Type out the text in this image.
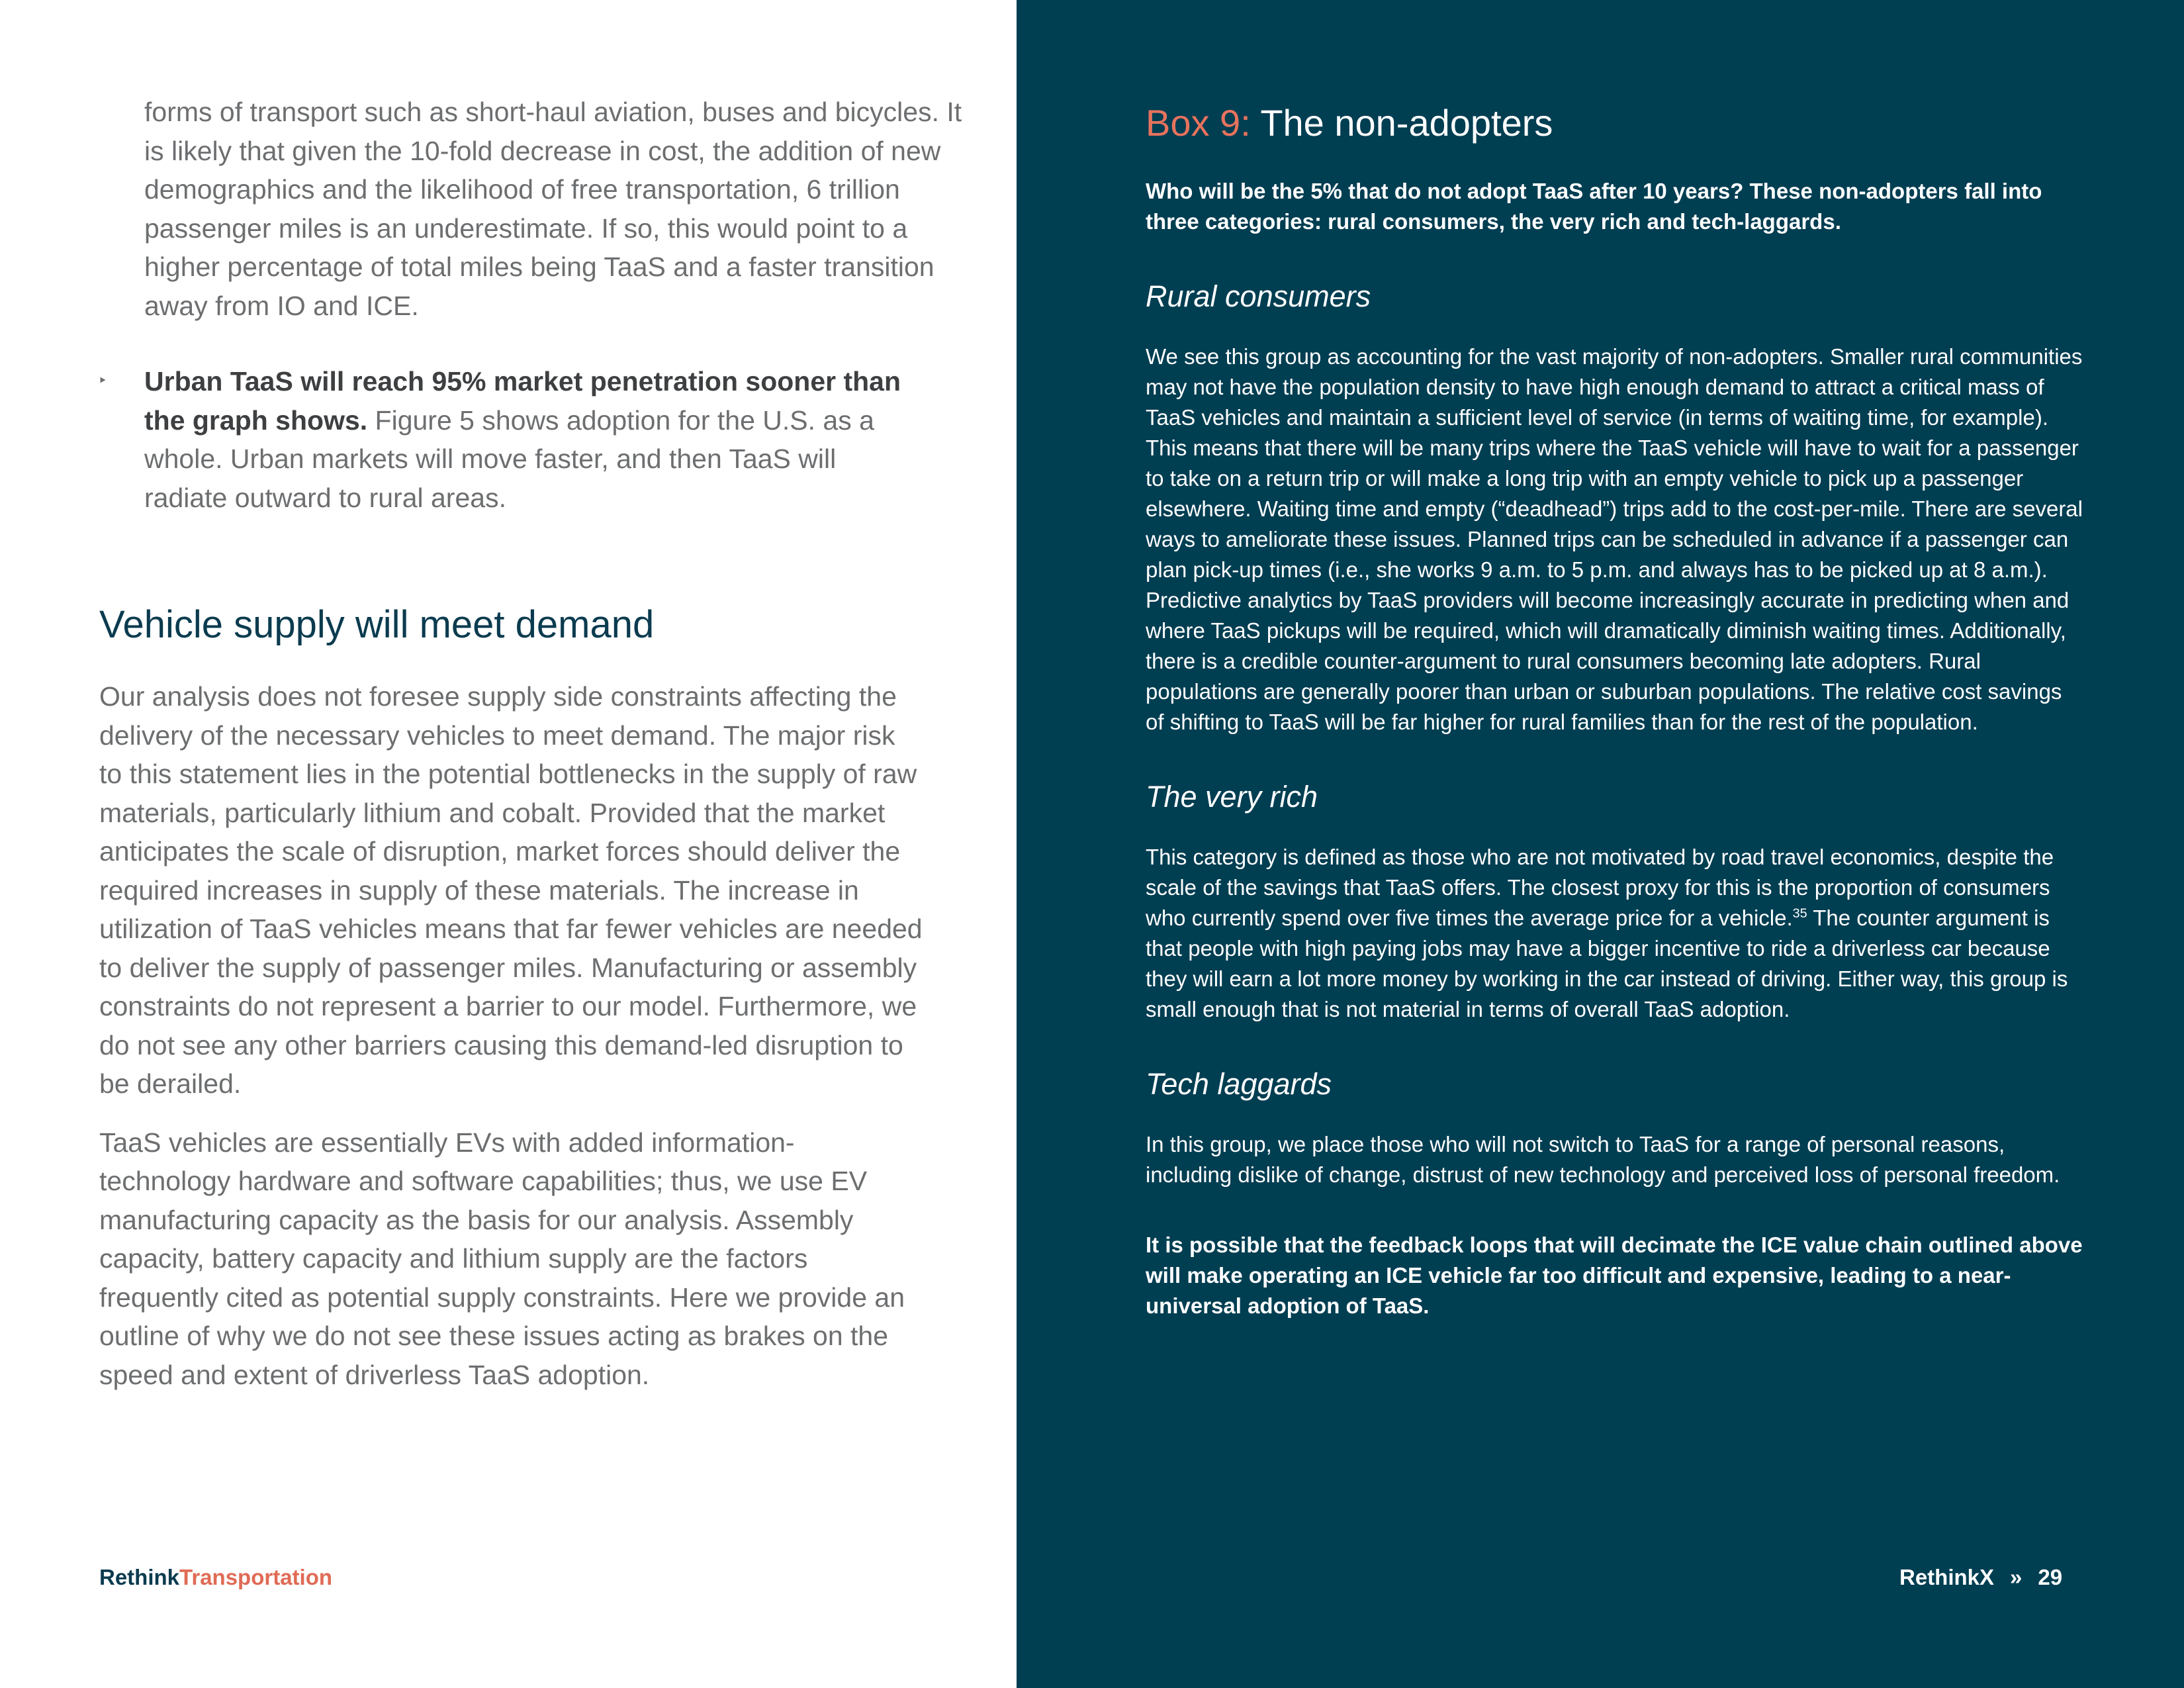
forms of transport such as short-haul aviation, buses and bicycles. It is likely that given the 10-fold decrease in cost, the addition of new demographics and the likelihood of free transportation, 6 trillion passenger miles is an underestimate. If so, this would point to a higher percentage of total miles being TaaS and a faster transition away from IO and ICE.

‣ Urban TaaS will reach 95% market penetration sooner than the graph shows. Figure 5 shows adoption for the U.S. as a whole. Urban markets will move faster, and then TaaS will radiate outward to rural areas.
Vehicle supply will meet demand

Our analysis does not foresee supply side constraints affecting the delivery of the necessary vehicles to meet demand. The major risk to this statement lies in the potential bottlenecks in the supply of raw materials, particularly lithium and cobalt. Provided that the market anticipates the scale of disruption, market forces should deliver the required increases in supply of these materials. The increase in utilization of TaaS vehicles means that far fewer vehicles are needed to deliver the supply of passenger miles. Manufacturing or assembly constraints do not represent a barrier to our model. Furthermore, we do not see any other barriers causing this demand-led disruption to be derailed.

TaaS vehicles are essentially EVs with added information-technology hardware and software capabilities; thus, we use EV manufacturing capacity as the basis for our analysis. Assembly capacity, battery capacity and lithium supply are the factors frequently cited as potential supply constraints. Here we provide an outline of why we do not see these issues acting as brakes on the speed and extent of driverless TaaS adoption.

RethinkTransportation
Box 9: The non-adopters

Who will be the 5% that do not adopt TaaS after 10 years? These non-adopters fall into three categories: rural consumers, the very rich and tech-laggards.

Rural consumers

We see this group as accounting for the vast majority of non-adopters. Smaller rural communities may not have the population density to have high enough demand to attract a critical mass of TaaS vehicles and maintain a sufficient level of service (in terms of waiting time, for example). This means that there will be many trips where the TaaS vehicle will have to wait for a passenger to take on a return trip or will make a long trip with an empty vehicle to pick up a passenger elsewhere. Waiting time and empty (“deadhead”) trips add to the cost-per-mile. There are several ways to ameliorate these issues. Planned trips can be scheduled in advance if a passenger can plan pick-up times (i.e., she works 9 a.m. to 5 p.m. and always has to be picked up at 8 a.m.). Predictive analytics by TaaS providers will become increasingly accurate in predicting when and where TaaS pickups will be required, which will dramatically diminish waiting times. Additionally, there is a credible counter-argument to rural consumers becoming late adopters. Rural populations are generally poorer than urban or suburban populations. The relative cost savings of shifting to TaaS will be far higher for rural families than for the rest of the population.

The very rich

This category is defined as those who are not motivated by road travel economics, despite the scale of the savings that TaaS offers. The closest proxy for this is the proportion of consumers who currently spend over five times the average price for a vehicle.$^{35}$ The counter argument is that people with high paying jobs may have a bigger incentive to ride a driverless car because they will earn a lot more money by working in the car instead of driving. Either way, this group is small enough that is not material in terms of overall TaaS adoption.

Tech laggards

In this group, we place those who will not switch to TaaS for a range of personal reasons, including dislike of change, distrust of new technology and perceived loss of personal freedom.

It is possible that the feedback loops that will decimate the ICE value chain outlined above will make operating an ICE vehicle far too difficult and expensive, leading to a near-universal adoption of TaaS.

RethinkX » 29
